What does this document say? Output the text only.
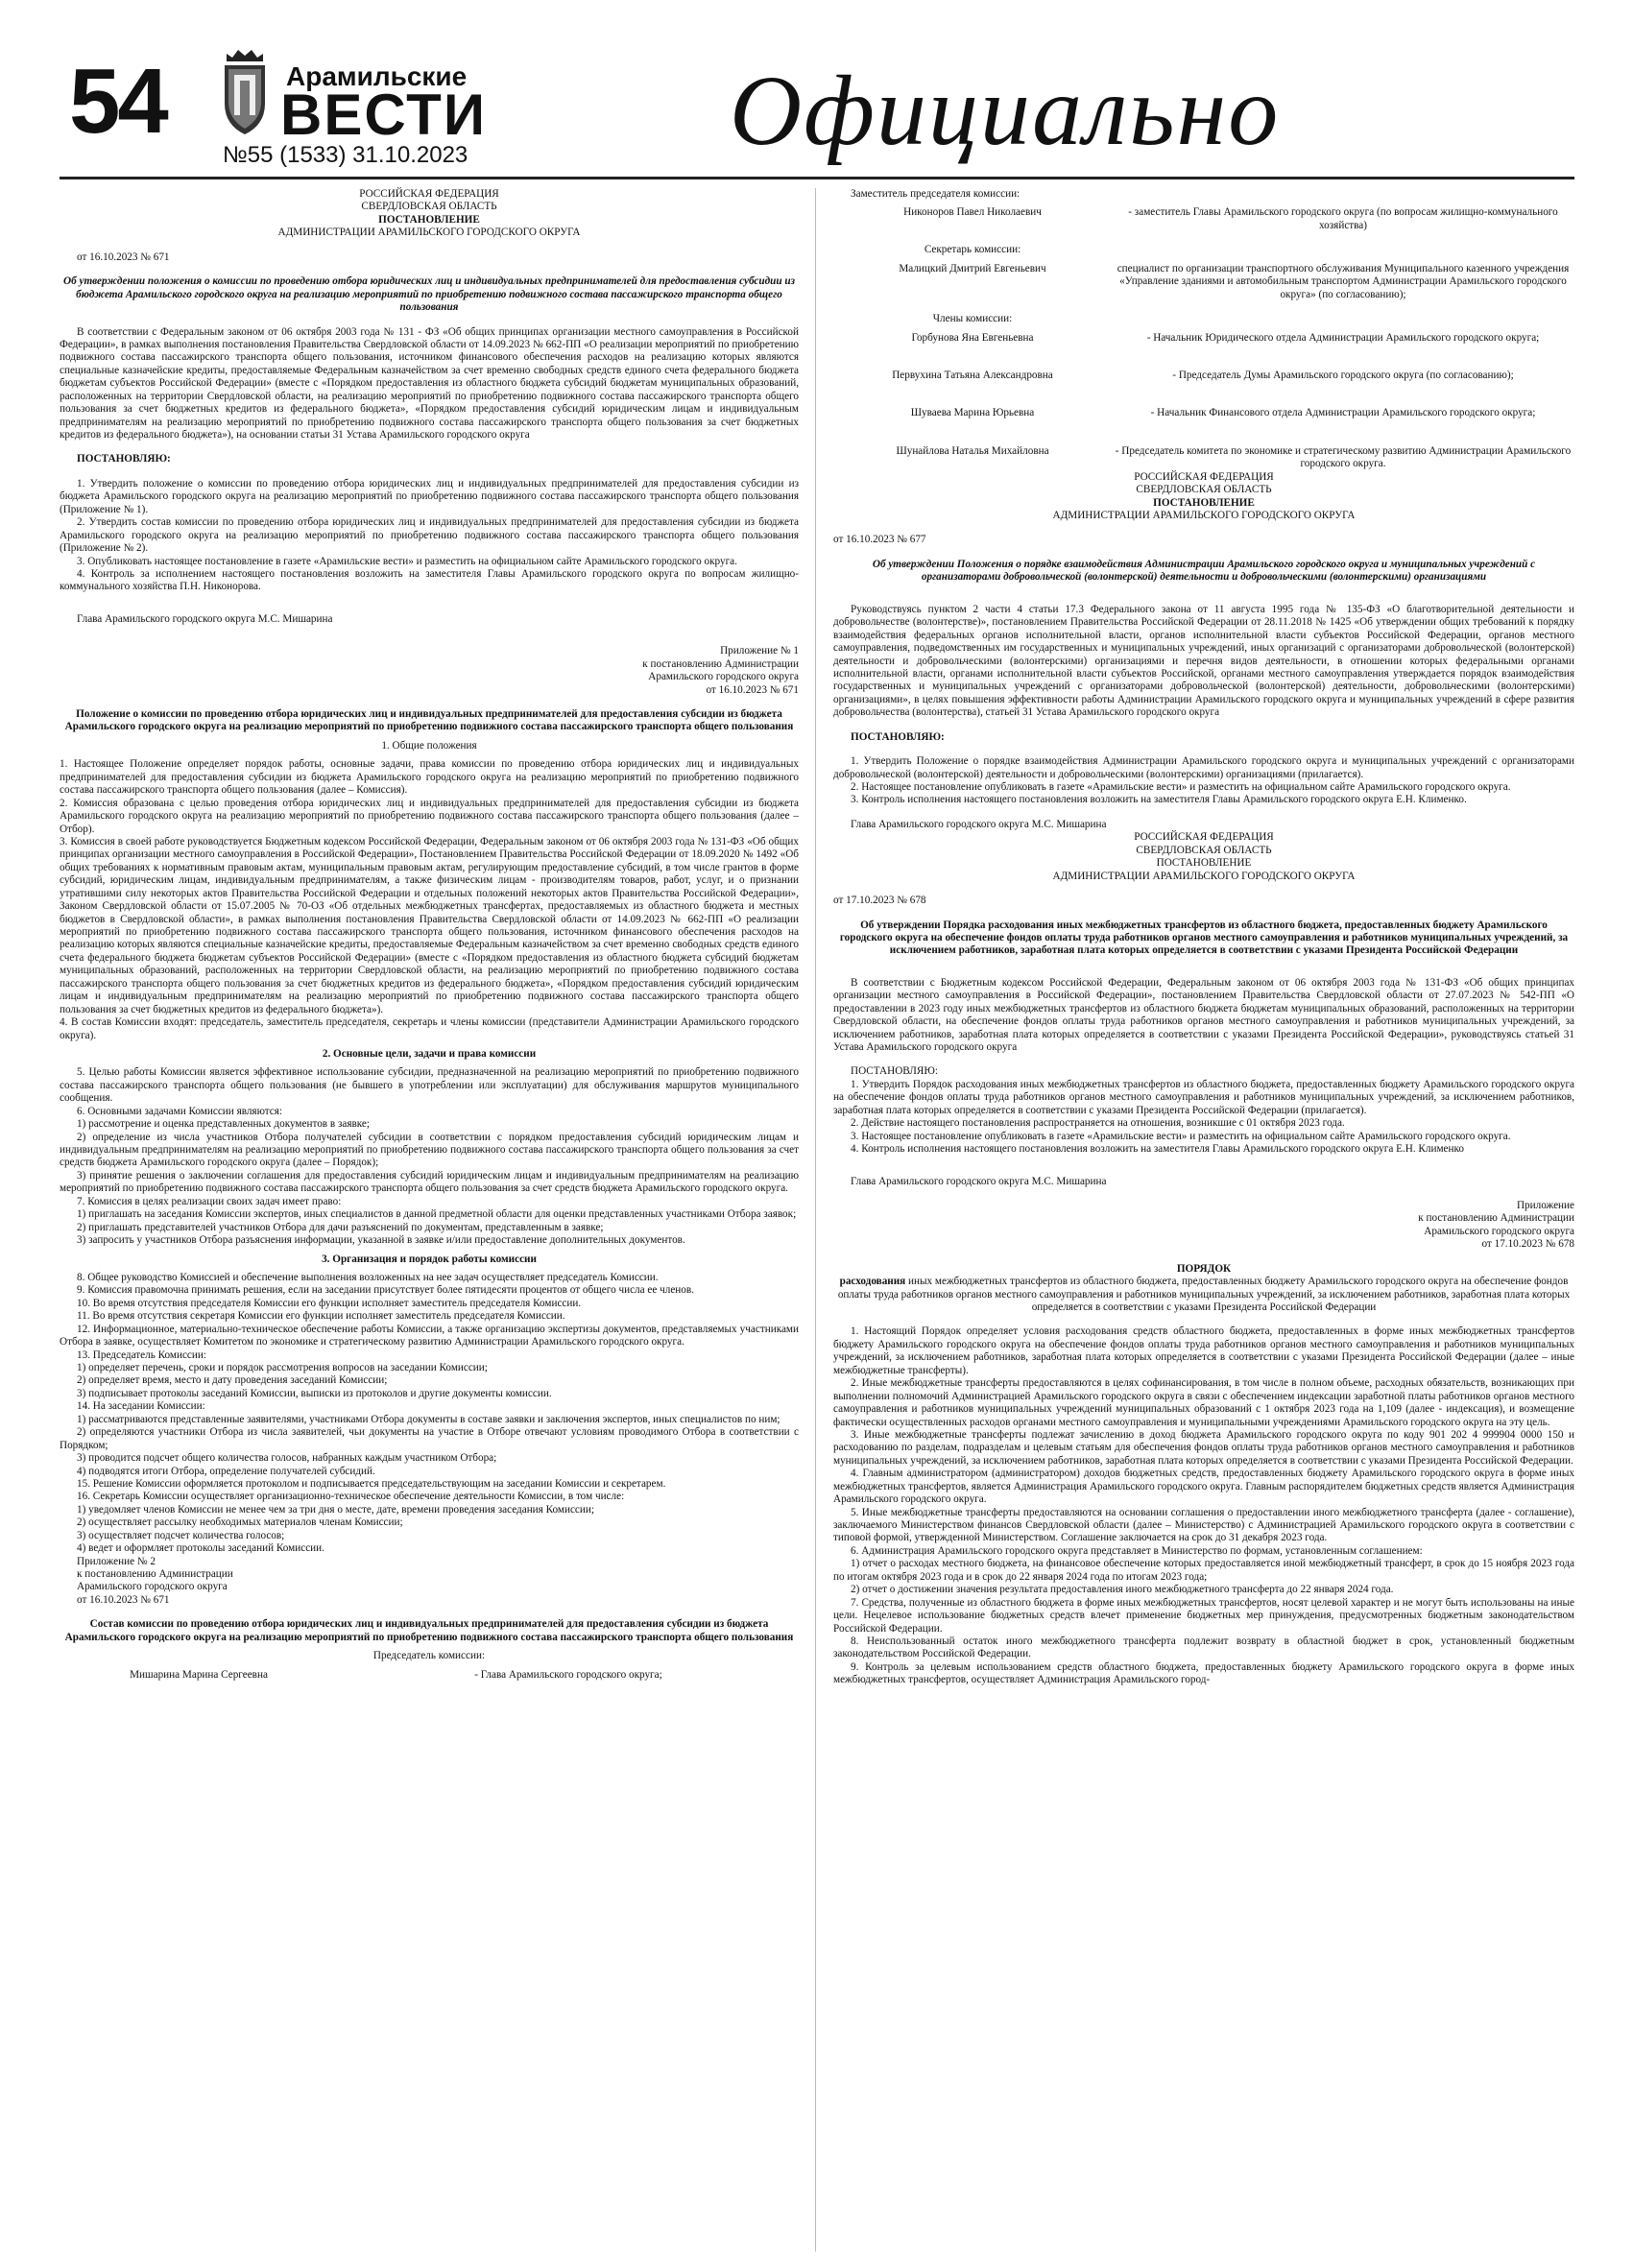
54	Арамильские
ВЕСТИ
№55 (1533) 31.10.2023	Официально

РОССИЙСКАЯ ФЕДЕРАЦИЯ

СВЕРДЛОВСКАЯ ОБЛАСТЬ

ПОСТАНОВЛЕНИЕ

АДМИНИСТРАЦИИ АРАМИЛЬСКОГО ГОРОДСКОГО ОКРУГА

от 16.10.2023 № 671

Об утверждении положения о комиссии по проведению отбора юридических лиц и индивидуальных предпринимателей для предоставления субсидии из бюджета Арамильского городского округа на реализацию мероприятий по приобретению подвижного состава пассажирского транспорта общего пользования

В соответствии с Федеральным законом от 06 октября 2003 года № 131 - ФЗ «Об общих принципах организации местного самоуправления в Российской Федерации», в рамках выполнения постановления Правительства Свердловской области от 14.09.2023 № 662-ПП «О реализации мероприятий по приобретению подвижного состава пассажирского транспорта общего пользования, источником финансового обеспечения расходов на реализацию которых являются специальные казначейские кредиты, предоставляемые Федеральным казначейством за счет временно свободных средств единого счета федерального бюджета бюджетам субъектов Российской Федерации» (вместе с «Порядком предоставления из областного бюджета субсидий бюджетам муниципальных образований, расположенных на территории Свердловской области, на реализацию мероприятий по приобретению подвижного состава пассажирского транспорта общего пользования за счет бюджетных кредитов из федерального бюджета», «Порядком предоставления субсидий юридическим лицам и индивидуальным предпринимателям на реализацию мероприятий по приобретению подвижного состава пассажирского транспорта общего пользования за счет бюджетных кредитов из федерального бюджета»), на основании статьи 31 Устава Арамильского городского округа

ПОСТАНОВЛЯЮ:

1. Утвердить положение о комиссии по проведению отбора юридических лиц и индивидуальных предпринимателей для предоставления субсидии из бюджета Арамильского городского округа на реализацию мероприятий по приобретению подвижного состава пассажирского транспорта общего пользования (Приложение № 1).

2. Утвердить состав комиссии по проведению отбора юридических лиц и индивидуальных предпринимателей для предоставления субсидии из бюджета Арамильского городского округа на реализацию мероприятий по приобретению подвижного состава пассажирского транспорта общего пользования (Приложение № 2).

3. Опубликовать настоящее постановление в газете «Арамильские вести» и разместить на официальном сайте Арамильского городского округа.

4. Контроль за исполнением настоящего постановления возложить на заместителя Главы Арамильского городского округа по вопросам жилищно-коммунального хозяйства П.Н. Никонорова.

Глава Арамильского городского округа М.С. Мишарина

Приложение № 1

к постановлению Администрации

Арамильского городского округа

от 16.10.2023 № 671

Положение о комиссии по проведению отбора юридических лиц и индивидуальных предпринимателей для предоставления субсидии из бюджета Арамильского городского округа на реализацию мероприятий по приобретению подвижного состава пассажирского транспорта общего пользования

1. Общие положения

1. Настоящее Положение определяет порядок работы, основные задачи, права комиссии по проведению отбора юридических лиц и индивидуальных предпринимателей для предоставления субсидии из бюджета Арамильского городского округа на реализацию мероприятий по приобретению подвижного состава пассажирского транспорта общего пользования (далее – Комиссия).

2. Комиссия образована с целью проведения отбора юридических лиц и индивидуальных предпринимателей для предоставления субсидии из бюджета Арамильского городского округа на реализацию мероприятий по приобретению подвижного состава пассажирского транспорта общего пользования (далее – Отбор).

3. Комиссия в своей работе руководствуется Бюджетным кодексом Российской Федерации, Федеральным законом от 06 октября 2003 года № 131-ФЗ «Об общих принципах организации местного самоуправления в Российской Федерации», Постановлением Правительства Российской Федерации от 18.09.2020 № 1492 «Об общих требованиях к нормативным правовым актам, муниципальным правовым актам, регулирующим предоставление субсидий, в том числе грантов в форме субсидий, юридическим лицам, индивидуальным предпринимателям, а также физическим лицам - производителям товаров, работ, услуг, и о признании утратившими силу некоторых актов Правительства Российской Федерации и отдельных положений некоторых актов Правительства Российской Федерации», Законом Свердловской области от 15.07.2005 № 70-ОЗ «Об отдельных межбюджетных трансфертах, предоставляемых из областного бюджета и местных бюджетов в Свердловской области», в рамках выполнения постановления Правительства Свердловской области от 14.09.2023 № 662-ПП «О реализации мероприятий по приобретению подвижного состава пассажирского транспорта общего пользования, источником финансового обеспечения расходов на реализацию которых являются специальные казначейские кредиты, предоставляемые Федеральным казначейством за счет временно свободных средств единого счета федерального бюджета бюджетам субъектов Российской Федерации» (вместе с «Порядком предоставления из областного бюджета субсидий бюджетам муниципальных образований, расположенных на территории Свердловской области, на реализацию мероприятий по приобретению подвижного состава пассажирского транспорта общего пользования за счет бюджетных кредитов из федерального бюджета», «Порядком предоставления субсидий юридическим лицам и индивидуальным предпринимателям на реализацию мероприятий по приобретению подвижного состава пассажирского транспорта общего пользования за счет бюджетных кредитов из федерального бюджета»).

4. В состав Комиссии входят: председатель, заместитель председателя, секретарь и члены комиссии (представители Администрации Арамильского городского округа).

2. Основные цели, задачи и права комиссии

5. Целью работы Комиссии является эффективное использование субсидии, предназначенной на реализацию мероприятий по приобретению подвижного состава пассажирского транспорта общего пользования (не бывшего в употреблении или эксплуатации) для обслуживания маршрутов муниципального сообщения.

6. Основными задачами Комиссии являются:

1) рассмотрение и оценка представленных документов в заявке;

2) определение из числа участников Отбора получателей субсидии в соответствии с порядком предоставления субсидий юридическим лицам и индивидуальным предпринимателям на реализацию мероприятий по приобретению подвижного состава пассажирского транспорта общего пользования за счет средств бюджета Арамильского городского округа (далее – Порядок);

3) принятие решения о заключении соглашения для предоставления субсидий юридическим лицам и индивидуальным предпринимателям на реализацию мероприятий по приобретению подвижного состава пассажирского транспорта общего пользования за счет средств бюджета Арамильского городского округа.

7. Комиссия в целях реализации своих задач имеет право:

1) приглашать на заседания Комиссии экспертов, иных специалистов в данной предметной области для оценки представленных участниками Отбора заявок;

2) приглашать представителей участников Отбора для дачи разъяснений по документам, представленным в заявке;

3) запросить у участников Отбора разъяснения информации, указанной в заявке и/или предоставление дополнительных документов.

3. Организация и порядок работы комиссии

8. Общее руководство Комиссией и обеспечение выполнения возложенных на нее задач осуществляет председатель Комиссии.

9. Комиссия правомочна принимать решения, если на заседании присутствует более пятидесяти процентов от общего числа ее членов.

10. Во время отсутствия председателя Комиссии его функции исполняет заместитель председателя Комиссии.

11. Во время отсутствия секретаря Комиссии его функции исполняет заместитель председателя Комиссии.

12. Информационное, материально-техническое обеспечение работы Комиссии, а также организацию экспертизы документов, представляемых участниками Отбора в заявке, осуществляет Комитетом по экономике и стратегическому развитию Администрации Арамильского городского округа.

13. Председатель Комиссии:

1) определяет перечень, сроки и порядок рассмотрения вопросов на заседании Комиссии;

2) определяет время, место и дату проведения заседаний Комиссии;

3) подписывает протоколы заседаний Комиссии, выписки из протоколов и другие документы комиссии.

14. На заседании Комиссии:

1) рассматриваются представленные заявителями, участниками Отбора документы в составе заявки и заключения экспертов, иных специалистов по ним;

2) определяются участники Отбора из числа заявителей, чьи документы на участие в Отборе отвечают условиям проводимого Отбора в соответствии с Порядком;

3) проводится подсчет общего количества голосов, набранных каждым участником Отбора;

4) подводятся итоги Отбора, определение получателей субсидий.

15. Решение Комиссии оформляется протоколом и подписывается председательствующим на заседании Комиссии и секретарем.

16. Секретарь Комиссии осуществляет организационно-техническое обеспечение деятельности Комиссии, в том числе:

1) уведомляет членов Комиссии не менее чем за три дня о месте, дате, времени проведения заседания Комиссии;

2) осуществляет рассылку необходимых материалов членам Комиссии;

3) осуществляет подсчет количества голосов;

4) ведет и оформляет протоколы заседаний Комиссии.

Приложение № 2

к постановлению Администрации

Арамильского городского округа

от 16.10.2023 № 671

Состав комиссии по проведению отбора юридических лиц и индивидуальных предпринимателей для предоставления субсидии из бюджета Арамильского городского округа на реализацию мероприятий по приобретению подвижного состава пассажирского транспорта общего пользования

Председатель комиссии:

Мишарина Марина Сергеевна	- Глава Арамильского городского округа;

Заместитель председателя комиссии:

Никоноров Павел Николаевич	- заместитель Главы Арамильского городского округа (по вопросам жилищно-коммунального хозяйства)

Секретарь комиссии:

Малицкий Дмитрий Евгеньевич	специалист по организации транспортного обслуживания Муниципального казенного учреждения «Управление зданиями и автомобильным транспортом Администрации Арамильского городского округа» (по согласованию);

Члены комиссии:

Горбунова Яна Евгеньевна	- Начальник Юридического отдела Администрации Арамильского городского округа;
Первухина Татьяна Александровна	- Председатель Думы Арамильского городского округа (по согласованию);
Шуваева Марина Юрьевна	- Начальник Финансового отдела Администрации Арамильского городского округа;
Шунайлова Наталья Михайловна	- Председатель комитета по экономике и стратегическому развитию Администрации Арамильского городского округа.

РОССИЙСКАЯ ФЕДЕРАЦИЯ

СВЕРДЛОВСКАЯ ОБЛАСТЬ

ПОСТАНОВЛЕНИЕ

АДМИНИСТРАЦИИ АРАМИЛЬСКОГО ГОРОДСКОГО ОКРУГА

от 16.10.2023 № 677

Об утверждении Положения о порядке взаимодействия Администрации Арамильского городского округа и муниципальных учреждений с организаторами добровольческой (волонтерской) деятельности и добровольческими (волонтерскими) организациями

Руководствуясь пунктом 2 части 4 статьи 17.3 Федерального закона от 11 августа 1995 года № 135-ФЗ «О благотворительной деятельности и добровольчестве (волонтерстве)», постановлением Правительства Российской Федерации от 28.11.2018 № 1425 «Об утверждении общих требований к порядку взаимодействия федеральных органов исполнительной власти, органов исполнительной власти субъектов Российской Федерации, органов местного самоуправления, подведомственных им государственных и муниципальных учреждений, иных организаций с организаторами добровольческой (волонтерской) деятельности и добровольческими (волонтерскими) организациями и перечня видов деятельности, в отношении которых федеральными органами исполнительной власти, органами исполнительной власти субъектов Российской, органами местного самоуправления утверждается порядок взаимодействия государственных и муниципальных учреждений с организаторами добровольческой (волонтерской) деятельности, добровольческими (волонтерскими) организациями», в целях повышения эффективности работы Администрации Арамильского городского округа и муниципальных учреждений в сфере развития добровольчества (волонтерства), статьей 31 Устава Арамильского городского округа

ПОСТАНОВЛЯЮ:

1. Утвердить Положение о порядке взаимодействия Администрации Арамильского городского округа и муниципальных учреждений с организаторами добровольческой (волонтерской) деятельности и добровольческими (волонтерскими) организациями (прилагается).

2. Настоящее постановление опубликовать в газете «Арамильские вести» и разместить на официальном сайте Арамильского городского округа.

3. Контроль исполнения настоящего постановления возложить на заместителя Главы Арамильского городского округа Е.Н. Клименко.

Глава Арамильского городского округа М.С. Мишарина

РОССИЙСКАЯ ФЕДЕРАЦИЯ

СВЕРДЛОВСКАЯ ОБЛАСТЬ

ПОСТАНОВЛЕНИЕ

АДМИНИСТРАЦИИ АРАМИЛЬСКОГО ГОРОДСКОГО ОКРУГА

от 17.10.2023 № 678

Об утверждении Порядка расходования иных межбюджетных трансфертов из областного бюджета, предоставленных бюджету Арамильского городского округа на обеспечение фондов оплаты труда работников органов местного самоуправления и работников муниципальных учреждений, за исключением работников, заработная плата которых определяется в соответствии с указами Президента Российской Федерации

В соответствии с Бюджетным кодексом Российской Федерации, Федеральным законом от 06 октября 2003 года № 131-ФЗ «Об общих принципах организации местного самоуправления в Российской Федерации», постановлением Правительства Свердловской области от 27.07.2023 № 542-ПП «О предоставлении в 2023 году иных межбюджетных трансфертов из областного бюджета бюджетам муниципальных образований, расположенных на территории Свердловской области, на обеспечение фондов оплаты труда работников органов местного самоуправления и работников муниципальных учреждений, за исключением работников, заработная плата которых определяется в соответствии с указами Президента Российской Федерации», руководствуясь статьей 31 Устава Арамильского городского округа

ПОСТАНОВЛЯЮ:

1. Утвердить Порядок расходования иных межбюджетных трансфертов из областного бюджета, предоставленных бюджету Арамильского городского округа на обеспечение фондов оплаты труда работников органов местного самоуправления и работников муниципальных учреждений, за исключением работников, заработная плата которых определяется в соответствии с указами Президента Российской Федерации (прилагается).

2. Действие настоящего постановления распространяется на отношения, возникшие с 01 октября 2023 года.

3. Настоящее постановление опубликовать в газете «Арамильские вести» и разместить на официальном сайте Арамильского городского округа.

4. Контроль исполнения настоящего постановления возложить на заместителя Главы Арамильского городского округа Е.Н. Клименко

Глава Арамильского городского округа М.С. Мишарина

Приложение

к постановлению Администрации

Арамильского городского округа

от 17.10.2023 № 678

ПОРЯДОК

расходования иных межбюджетных трансфертов из областного бюджета, предоставленных бюджету Арамильского городского округа на обеспечение фондов оплаты труда работников органов местного самоуправления и работников муниципальных учреждений, за исключением работников, заработная плата которых определяется в соответствии с указами Президента Российской Федерации

1. Настоящий Порядок определяет условия расходования средств областного бюджета, предоставленных в форме иных межбюджетных трансфертов бюджету Арамильского городского округа на обеспечение фондов оплаты труда работников органов местного самоуправления и работников муниципальных учреждений, за исключением работников, заработная плата которых определяется в соответствии с указами Президента Российской Федерации (далее – иные межбюджетные трансферты).

2. Иные межбюджетные трансферты предоставляются в целях софинансирования, в том числе в полном объеме, расходных обязательств, возникающих при выполнении полномочий Администрацией Арамильского городского округа в связи с обеспечением индексации заработной платы работников органов местного самоуправления и работников муниципальных учреждений муниципальных образований с 1 октября 2023 года на 1,109 (далее - индексация), и возмещение фактически осуществленных расходов органами местного самоуправления и муниципальными учреждениями Арамильского городского округа на эту цель.

3. Иные межбюджетные трансферты подлежат зачислению в доход бюджета Арамильского городского округа по коду 901 202 4 999904 0000 150 и расходованию по разделам, подразделам и целевым статьям для обеспечения фондов оплаты труда работников органов местного самоуправления и работников муниципальных учреждений, за исключением работников, заработная плата которых определяется в соответствии с указами Президента Российской Федерации.

4. Главным администратором (администратором) доходов бюджетных средств, предоставленных бюджету Арамильского городского округа в форме иных межбюджетных трансфертов, является Администрация Арамильского городского округа. Главным распорядителем бюджетных средств является Администрация Арамильского городского округа.

5. Иные межбюджетные трансферты предоставляются на основании соглашения о предоставлении иного межбюджетного трансферта (далее - соглашение), заключаемого Министерством финансов Свердловской области (далее – Министерство) с Администрацией Арамильского городского округа в соответствии с типовой формой, утвержденной Министерством. Соглашение заключается на срок до 31 декабря 2023 года.

6. Администрация Арамильского городского округа представляет в Министерство по формам, установленным соглашением:

1) отчет о расходах местного бюджета, на финансовое обеспечение которых предоставляется иной межбюджетный трансферт, в срок до 15 ноября 2023 года по итогам октября 2023 года и в срок до 22 января 2024 года по итогам 2023 года;

2) отчет о достижении значения результата предоставления иного межбюджетного трансферта до 22 января 2024 года.

7. Средства, полученные из областного бюджета в форме иных межбюджетных трансфертов, носят целевой характер и не могут быть использованы на иные цели. Нецелевое использование бюджетных средств влечет применение бюджетных мер принуждения, предусмотренных бюджетным законодательством Российской Федерации.

8. Неиспользованный остаток иного межбюджетного трансферта подлежит возврату в областной бюджет в срок, установленный бюджетным законодательством Российской Федерации.

9. Контроль за целевым использованием средств областного бюджета, предоставленных бюджету Арамильского городского округа в форме иных межбюджетных трансфертов, осуществляет Администрация Арамильского город-
